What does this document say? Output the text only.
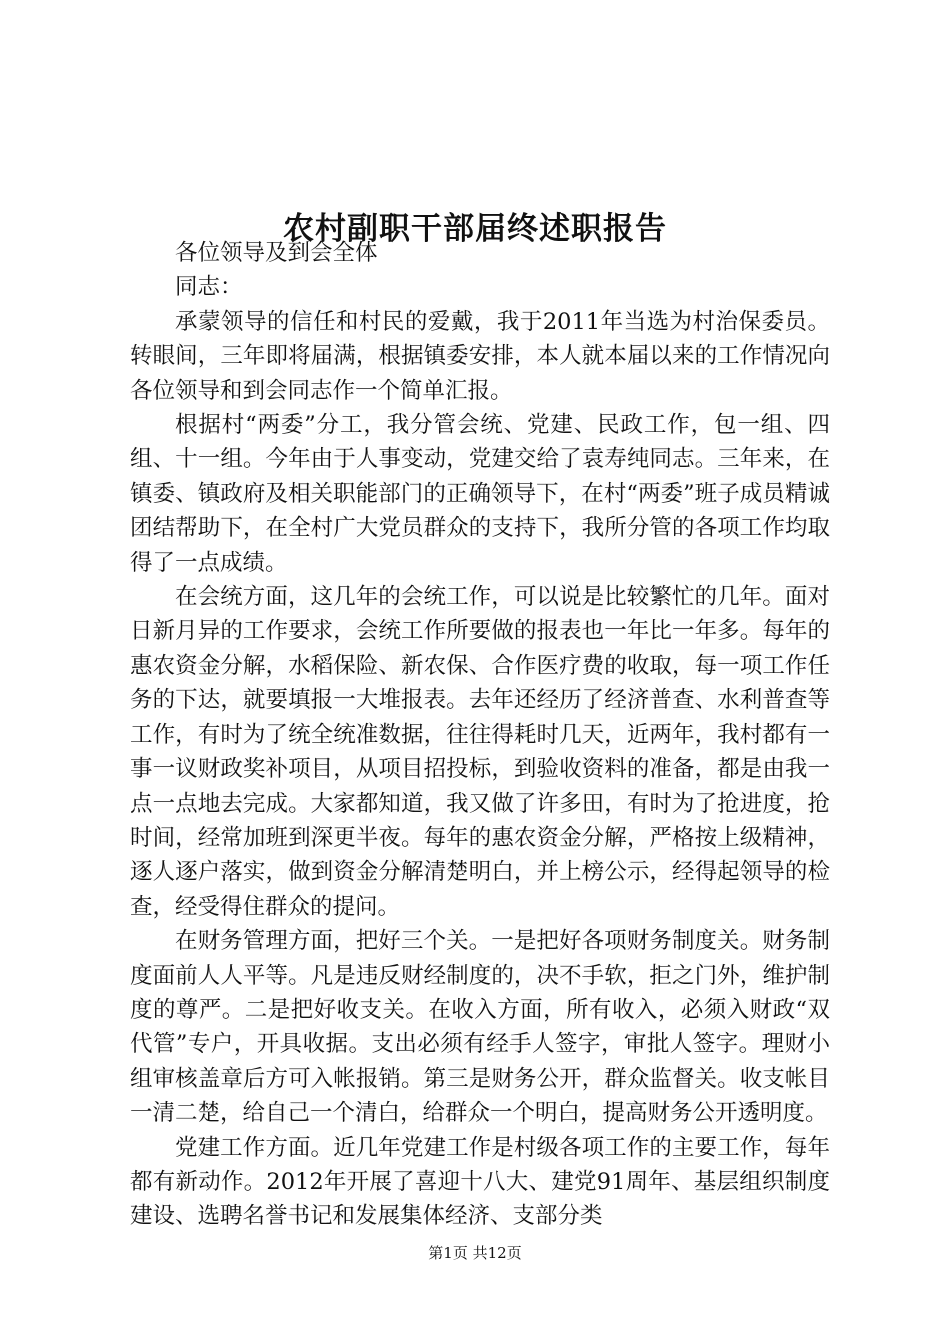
农村副职干部届终述职报告

各位领导及到会全体

同志：

承蒙领导的信任和村民的爱戴，我于2011年当选为村治保委员。转眼间，三年即将届满，根据镇委安排，本人就本届以来的工作情况向各位领导和到会同志作一个简单汇报。

根据村“两委”分工，我分管会统、党建、民政工作，包一组、四组、十一组。今年由于人事变动，党建交给了袁寿纯同志。三年来，在镇委、镇政府及相关职能部门的正确领导下，在村“两委”班子成员精诚团结帮助下，在全村广大党员群众的支持下，我所分管的各项工作均取得了一点成绩。

在会统方面，这几年的会统工作，可以说是比较繁忙的几年。面对日新月异的工作要求，会统工作所要做的报表也一年比一年多。每年的惠农资金分解，水稻保险、新农保、合作医疗费的收取，每一项工作任务的下达，就要填报一大堆报表。去年还经历了经济普查、水利普查等工作，有时为了统全统准数据，往往得耗时几天，近两年，我村都有一事一议财政奖补项目，从项目招投标，到验收资料的准备，都是由我一点一点地去完成。大家都知道，我又做了许多田，有时为了抢进度，抢时间，经常加班到深更半夜。每年的惠农资金分解，严格按上级精神，逐人逐户落实，做到资金分解清楚明白，并上榜公示，经得起领导的检查，经受得住群众的提问。

在财务管理方面，把好三个关。一是把好各项财务制度关。财务制度面前人人平等。凡是违反财经制度的，决不手软，拒之门外，维护制度的尊严。二是把好收支关。在收入方面，所有收入，必须入财政“双代管”专户，开具收据。支出必须有经手人签字，审批人签字。理财小组审核盖章后方可入帐报销。第三是财务公开，群众监督关。收支帐目一清二楚，给自己一个清白，给群众一个明白，提高财务公开透明度。

党建工作方面。近几年党建工作是村级各项工作的主要工作，每年都有新动作。2012年开展了喜迎十八大、建党91周年、基层组织制度建设、选聘名誉书记和发展集体经济、支部分类

第1页 共12页
